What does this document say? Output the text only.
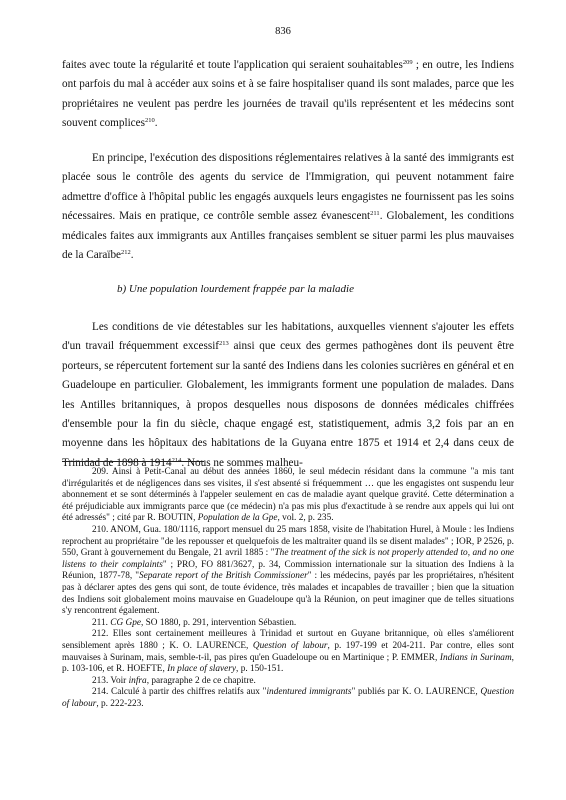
836

faites avec toute la régularité et toute l'application qui seraient souhaitables$^{209}$ ; en outre, les Indiens ont parfois du mal à accéder aux soins et à se faire hospitaliser quand ils sont malades, parce que les propriétaires ne veulent pas perdre les journées de travail qu'ils représentent et les médecins sont souvent complices$^{210}$.

En principe, l'exécution des dispositions réglementaires relatives à la santé des immigrants est placée sous le contrôle des agents du service de l'Immigration, qui peuvent notamment faire admettre d'office à l'hôpital public les engagés auxquels leurs engagistes ne fournissent pas les soins nécessaires. Mais en pratique, ce contrôle semble assez évanescent$^{211}$. Globalement, les conditions médicales faites aux immigrants aux Antilles françaises semblent se situer parmi les plus mauvaises de la Caraïbe$^{212}$.

b) Une population lourdement frappée par la maladie

Les conditions de vie détestables sur les habitations, auxquelles viennent s'ajouter les effets d'un travail fréquemment excessif$^{213}$ ainsi que ceux des germes pathogènes dont ils peuvent être porteurs, se répercutent fortement sur la santé des Indiens dans les colonies sucrières en général et en Guadeloupe en particulier. Globalement, les immigrants forment une population de malades. Dans les Antilles britanniques, à propos desquelles nous disposons de données médicales chiffrées d'ensemble pour la fin du siècle, chaque engagé est, statistiquement, admis 3,2 fois par an en moyenne dans les hôpitaux des habitations de la Guyana entre 1875 et 1914 et 2,4 dans ceux de Trinidad de 1898 à 1914$^{214}$. Nous ne sommes malheu-

209. Ainsi à Petit-Canal au début des années 1860, le seul médecin résidant dans la commune "a mis tant d'irrégularités et de négligences dans ses visites, il s'est absenté si fréquemment … que les engagistes ont suspendu leur abonnement et se sont déterminés à l'appeler seulement en cas de maladie ayant quelque gravité. Cette détermination a été préjudiciable aux immigrants parce que (ce médecin) n'a pas mis plus d'exactitude à se rendre aux appels qui lui ont été adressés" ; cité par R. BOUTIN, Population de la Gpe, vol. 2, p. 235.

210. ANOM, Gua. 180/1116, rapport mensuel du 25 mars 1858, visite de l'habitation Hurel, à Moule : les Indiens reprochent au propriétaire "de les repousser et quelquefois de les maltraiter quand ils se disent malades" ; IOR, P 2526, p. 550, Grant à gouvernement du Bengale, 21 avril 1885 : "The treatment of the sick is not properly attended to, and no one listens to their complaints" ; PRO, FO 881/3627, p. 34, Commission internationale sur la situation des Indiens à la Réunion, 1877-78, "Separate report of the British Commissioner" : les médecins, payés par les propriétaires, n'hésitent pas à déclarer aptes des gens qui sont, de toute évidence, très malades et incapables de travailler ; bien que la situation des Indiens soit globalement moins mauvaise en Guadeloupe qu'à la Réunion, on peut imaginer que de telles situations s'y rencontrent également.

211. CG Gpe, SO 1880, p. 291, intervention Sébastien.

212. Elles sont certainement meilleures à Trinidad et surtout en Guyane britannique, où elles s'améliorent sensiblement après 1880 ; K. O. LAURENCE, Question of labour, p. 197-199 et 204-211. Par contre, elles sont mauvaises à Surinam, mais, semble-t-il, pas pires qu'en Guadeloupe ou en Martinique ; P. EMMER, Indians in Surinam, p. 103-106, et R. HOEFTE, In place of slavery, p. 150-151.

213. Voir infra, paragraphe 2 de ce chapitre.

214. Calculé à partir des chiffres relatifs aux "indentured immigrants" publiés par K. O. LAURENCE, Question of labour, p. 222-223.
